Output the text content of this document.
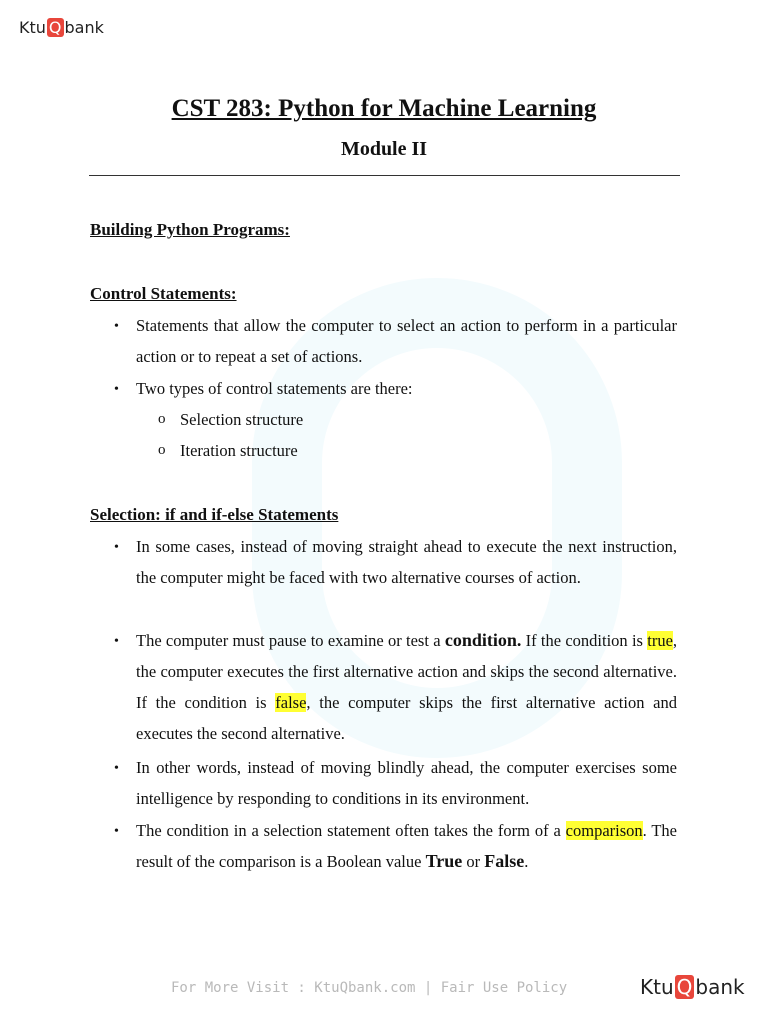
Ktu Q bank
CST 283: Python for Machine Learning
Module II
Building Python Programs:
Control Statements:
• Statements that allow the computer to select an action to perform in a particular action or to repeat a set of actions.
• Two types of control statements are there:
o Selection structure
o Iteration structure
Selection: if and if-else Statements
• In some cases, instead of moving straight ahead to execute the next instruction, the computer might be faced with two alternative courses of action.
• The computer must pause to examine or test a condition. If the condition is true, the computer executes the first alternative action and skips the second alternative. If the condition is false, the computer skips the first alternative action and executes the second alternative.
• In other words, instead of moving blindly ahead, the computer exercises some intelligence by responding to conditions in its environment.
• The condition in a selection statement often takes the form of a comparison. The result of the comparison is a Boolean value True or False.
For More Visit : KtuQbank.com | Fair Use Policy	Ktu Q bank
